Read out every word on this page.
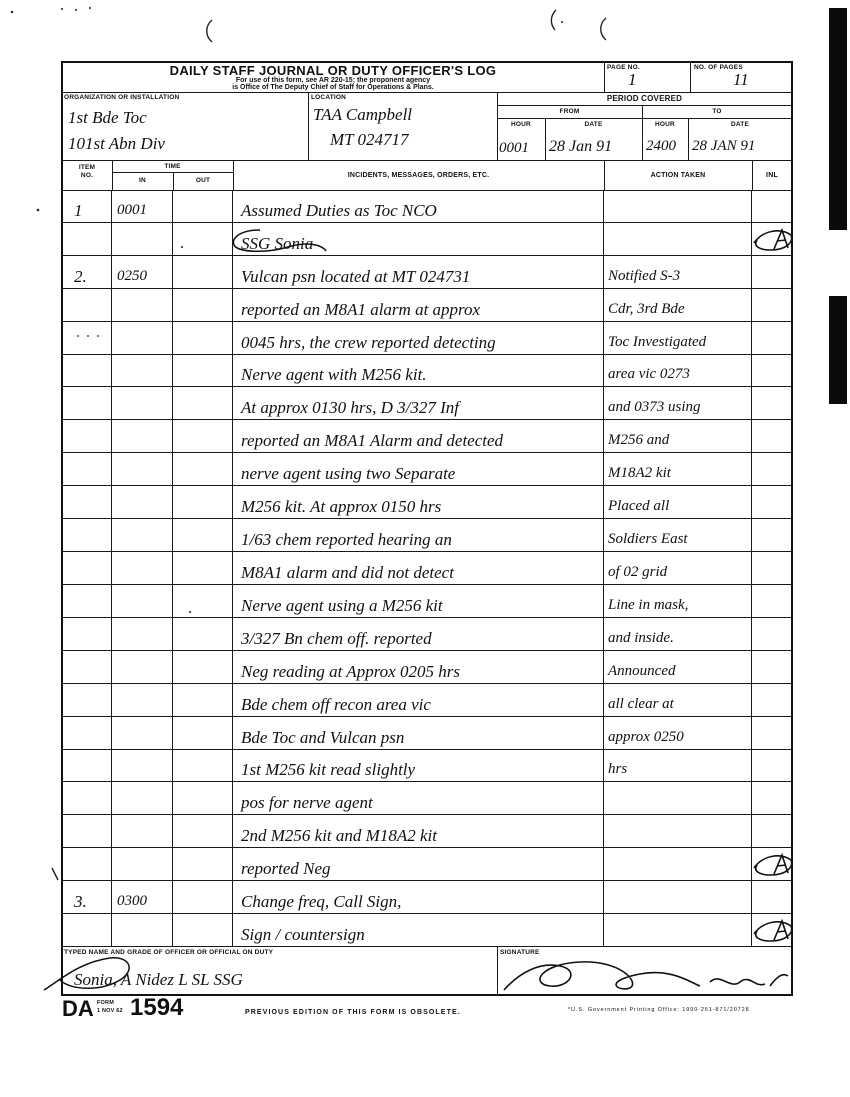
DAILY STAFF JOURNAL OR DUTY OFFICER'S LOG
For use of this form, see AR 220-15; the proponent agency
is Office of The Deputy Chief of Staff for Operations & Plans.
PAGE NO.
1
NO. OF PAGES
11
ORGANIZATION OR INSTALLATION
1st Bde Toc
101st Abn Div
LOCATION
TAA Campbell
MT 024717
PERIOD COVERED
FROM	TO
HOUR	DATE	HOUR	DATE
0001 28 Jan 91 2400 28 JAN 91
ITEM
NO.
TIME
IN	OUT
INCIDENTS, MESSAGES, ORDERS, ETC.	ACTION TAKEN	INL
1	0001	Assumed Duties as Toc NCO
SSG Sonia
2.	0250	Vulcan psn located at MT 024731	Notified S-3
reported an M8A1 alarm at approx	Cdr, 3rd Bde
0045 hrs, the crew reported detecting	Toc Investigated
Nerve agent with M256 kit.	area vic 0273
At approx 0130 hrs, D 3/327 Inf	and 0373 using
reported an M8A1 Alarm and detected	M256 and
nerve agent using two Separate	M18A2 kit
M256 kit. At approx 0150 hrs	Placed all
1/63 chem reported hearing an	Soldiers East
M8A1 alarm and did not detect	of 02 grid
Nerve agent using a M256 kit	Line in mask,
3/327 Bn chem off. reported	and inside.
Neg reading at Approx 0205 hrs	Announced
Bde chem off recon area vic	all clear at
Bde Toc and Vulcan psn	approx 0250
1st M256 kit read slightly	hrs
pos for nerve agent
2nd M256 kit and M18A2 kit
reported Neg
3.	0300	Change freq, Call Sign,
Sign / countersign
TYPED NAME AND GRADE OF OFFICER OR OFFICIAL ON DUTY	SIGNATURE
Sonia, A Nidez L SL SSG
DA FORM
1 NOV 62 1594	PREVIOUS EDITION OF THIS FORM IS OBSOLETE.	*U.S. Government Printing Office: 1990-261-871/20728
